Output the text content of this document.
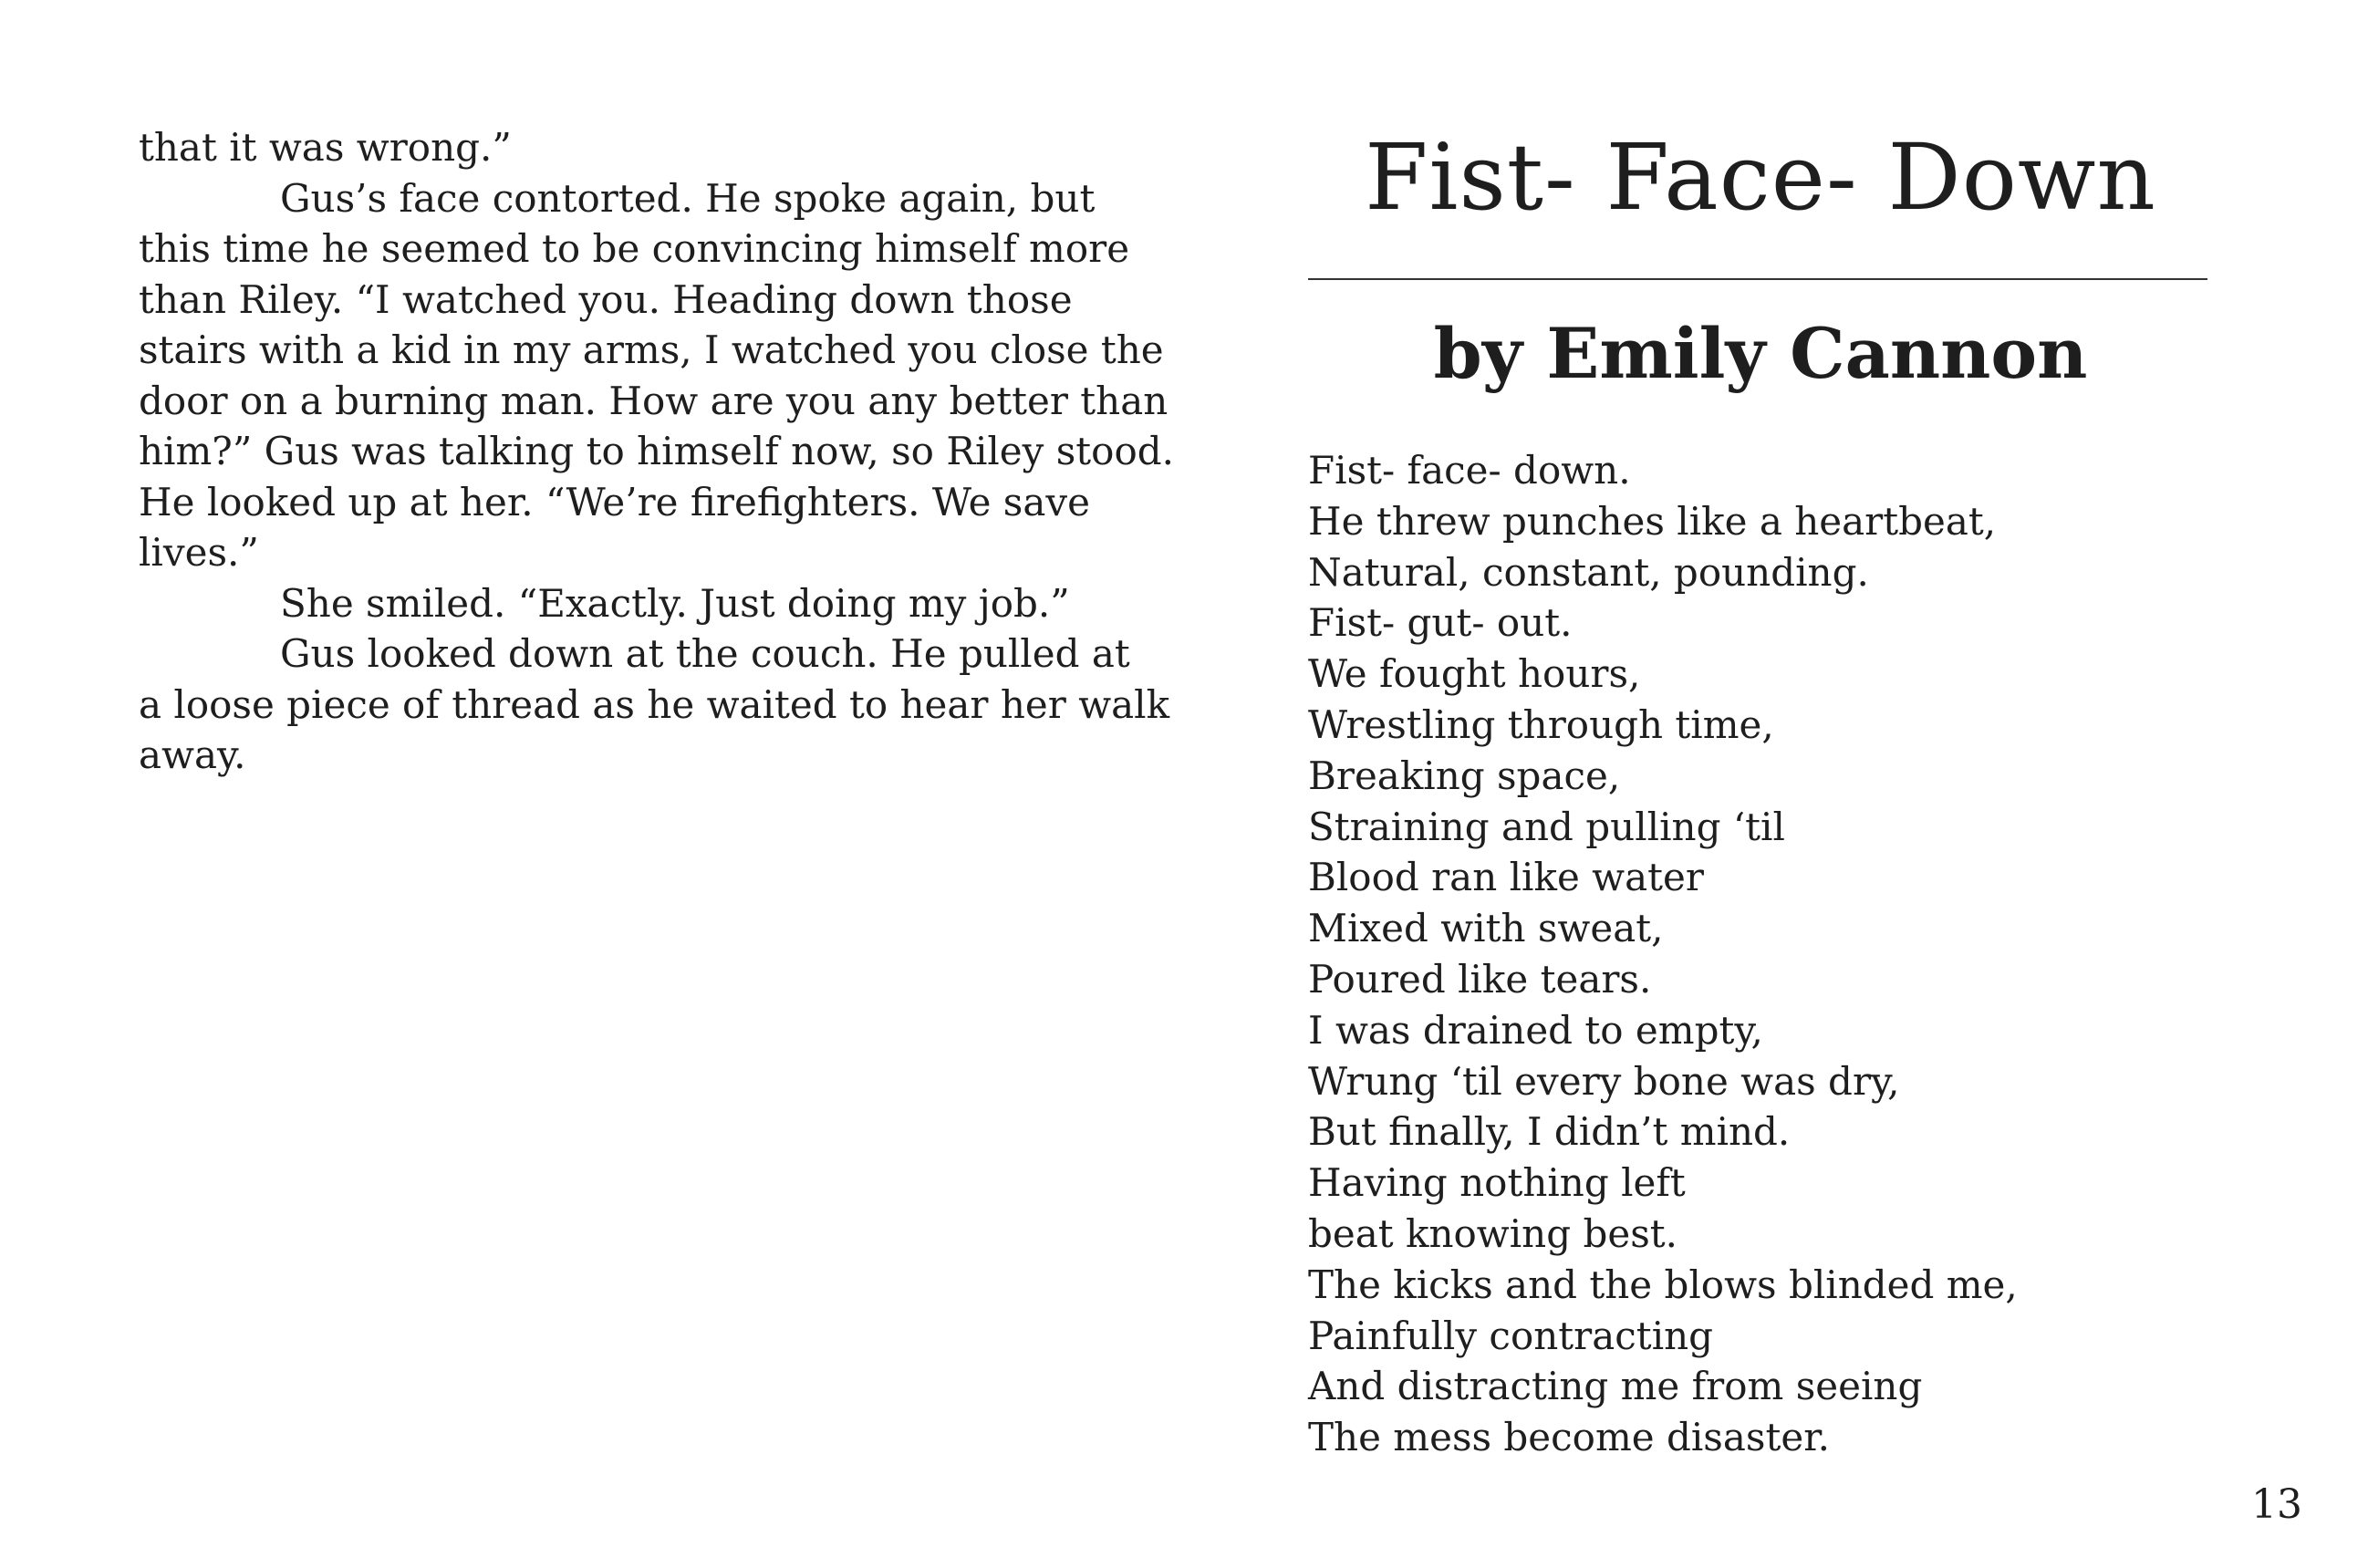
that it was wrong.”

Gus’s face contorted. He spoke again, but

this time he seemed to be convincing himself more

than Riley. “I watched you. Heading down those

stairs with a kid in my arms, I watched you close the

door on a burning man. How are you any better than

him?” Gus was talking to himself now, so Riley stood.

He looked up at her. “We’re firefighters. We save

lives.”

She smiled. “Exactly. Just doing my job.”

Gus looked down at the couch. He pulled at

a loose piece of thread as he waited to hear her walk

away.

Fist- Face- Down
by Emily Cannon

Fist- face- down.

He threw punches like a heartbeat,

Natural, constant, pounding.

Fist- gut- out.

We fought hours,

Wrestling through time,

Breaking space,

Straining and pulling ‘til

Blood ran like water

Mixed with sweat,

Poured like tears.

I was drained to empty,

Wrung ‘til every bone was dry,

But finally, I didn’t mind.

Having nothing left

beat knowing best.

The kicks and the blows blinded me,

Painfully contracting

And distracting me from seeing

The mess become disaster.

13
